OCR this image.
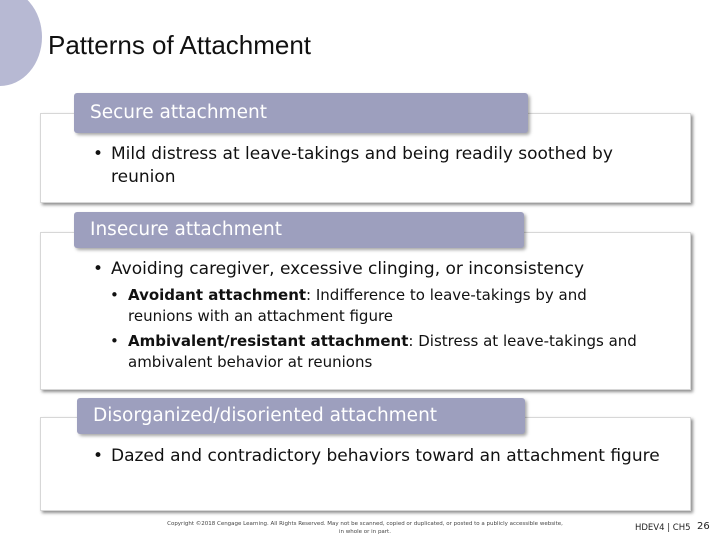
Patterns of Attachment
Secure attachment
• Mild distress at leave-takings and being readily soothed by reunion
Insecure attachment
• Avoiding caregiver, excessive clinging, or inconsistency
• Avoidant attachment: Indifference to leave-takings by and reunions with an attachment figure
• Ambivalent/resistant attachment: Distress at leave-takings and ambivalent behavior at reunions
Disorganized/disoriented attachment
• Dazed and contradictory behaviors toward an attachment figure
Copyright ©2018 Cengage Learning. All Rights Reserved. May not be scanned, copied or duplicated, or posted to a publicly accessible website,
in whole or in part.	HDEV4 | CH5 26
